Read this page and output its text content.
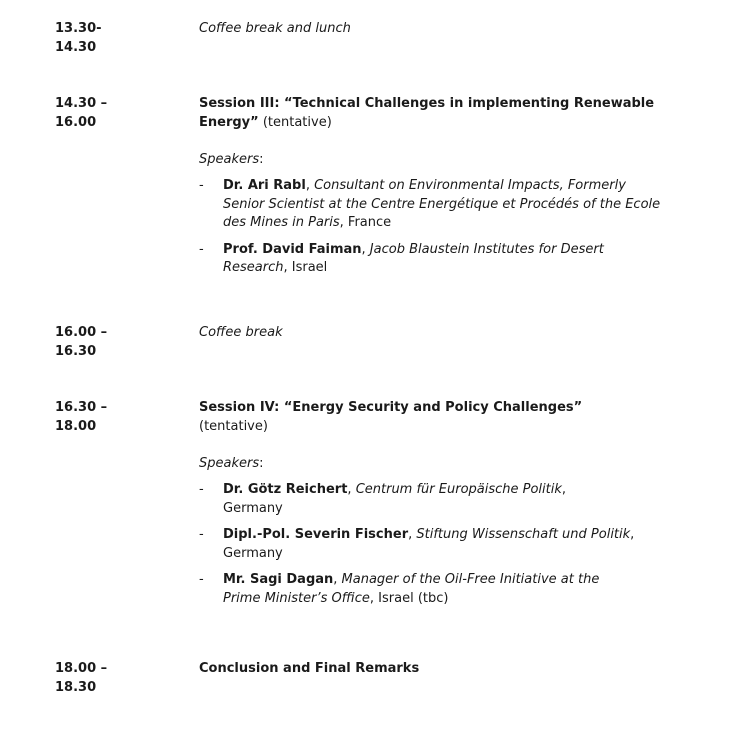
13.30-
14.30
Coffee break and lunch
14.30 –
16.00

Session III: “Technical Challenges in implementing Renewable Energy” (tentative)

Speakers:

- Dr. Ari Rabl, Consultant on Environmental Impacts, Formerly Senior Scientist at the Centre Energétique et Procédés of the Ecole des Mines in Paris, France
- Prof. David Faiman, Jacob Blaustein Institutes for Desert Research, Israel
16.00 –
16.30
Coffee break
16.30 –
18.00

Session IV: “Energy Security and Policy Challenges” (tentative)

Speakers:

- Dr. Götz Reichert, Centrum für Europäische Politik, Germany
- Dipl.-Pol. Severin Fischer, Stiftung Wissenschaft und Politik, Germany
- Mr. Sagi Dagan, Manager of the Oil-Free Initiative at the Prime Minister’s Office, Israel (tbc)
18.00 –
18.30
Conclusion and Final Remarks
